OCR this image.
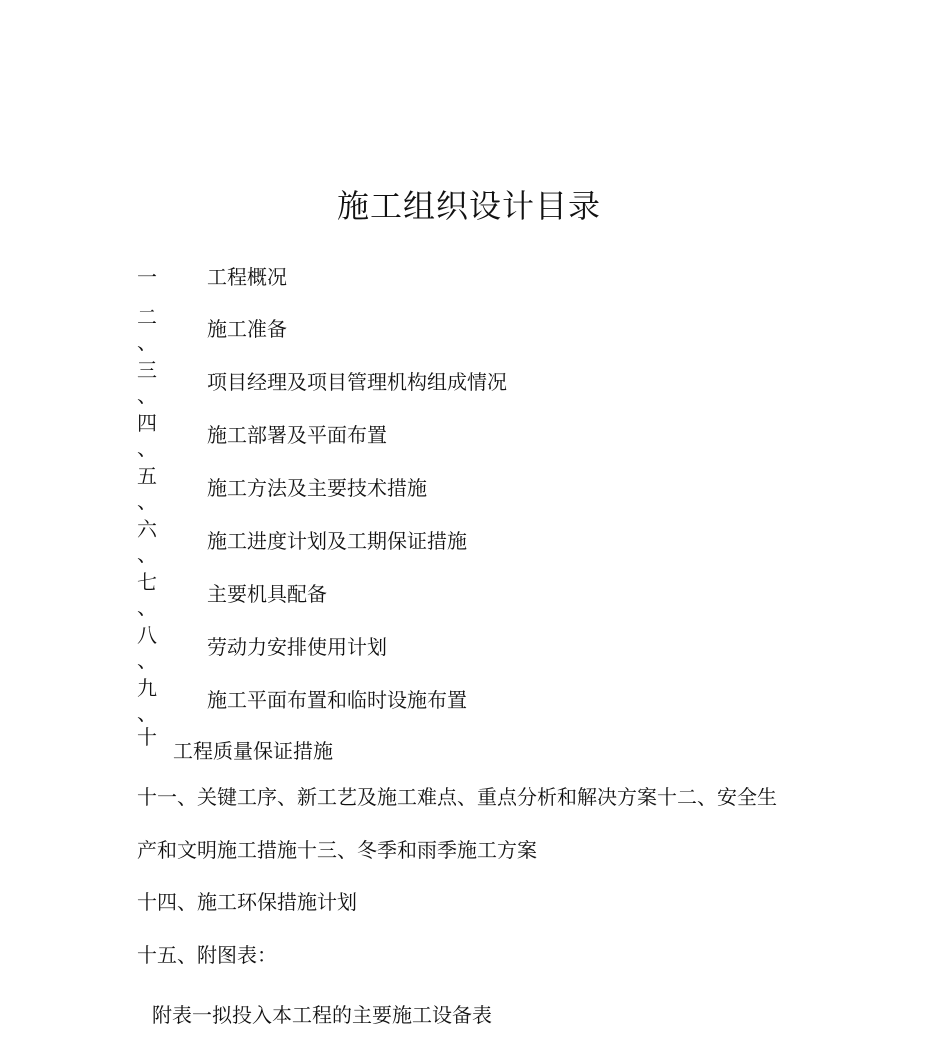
施工组织设计目录
一	工程概况
二
、
施工准备
三
、
项目经理及项目管理机构组成情况
四
、
施工部署及平面布置
五
、
施工方法及主要技术措施
六
、
施工进度计划及工期保证措施
七
、
主要机具配备
八
、
劳动力安排使用计划
九
、
施工平面布置和临时设施布置
十
工程质量保证措施
十一、关键工序、新工艺及施工难点、重点分析和解决方案十二、安全生
产和文明施工措施十三、冬季和雨季施工方案
十四、施工环保措施计划
十五、附图表：
附表一拟投入本工程的主要施工设备表
